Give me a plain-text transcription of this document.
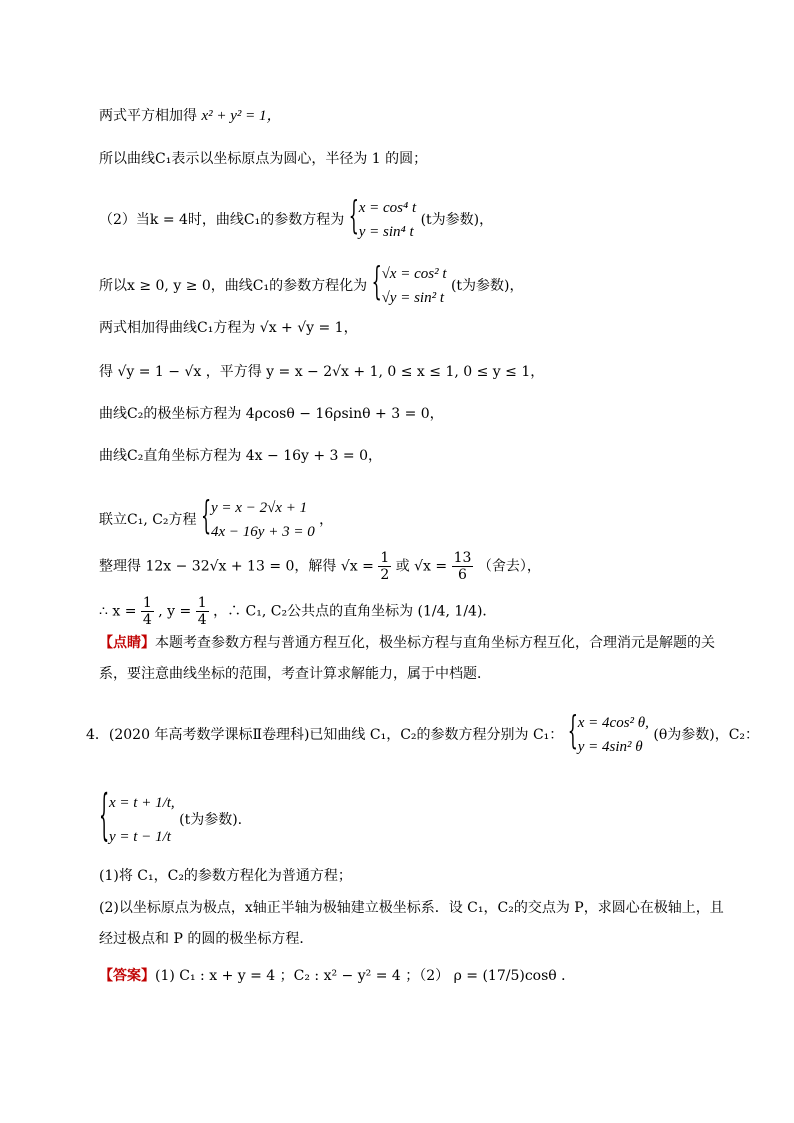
两式平方相加得 x² + y² = 1，
所以曲线C₁表示以坐标原点为圆心，半径为 1 的圆；
（2）当k = 4时，曲线C₁的参数方程为 { x = cos⁴ t
y = sin⁴ t
(t为参数)，
所以x ≥ 0, y ≥ 0，曲线C₁的参数方程化为 { √x = cos² t
√y = sin² t
(t为参数)，
两式相加得曲线C₁方程为 √x + √y = 1，
得 √y = 1 − √x ，平方得 y = x − 2√x + 1, 0 ≤ x ≤ 1, 0 ≤ y ≤ 1，
曲线C₂的极坐标方程为 4ρcosθ − 16ρsinθ + 3 = 0，
曲线C₂直角坐标方程为 4x − 16y + 3 = 0，
联立C₁, C₂方程 { y = x − 2√x + 1
4x − 16y + 3 = 0
，
整理得 12x − 32√x + 13 = 0，解得 $√x = \frac{1}{2}$ 或 $√x = \frac{13}{6}$ （舍去），
∴ $x = \frac{1}{4}$ , $y = \frac{1}{4}$ ，∴ C₁, C₂公共点的直角坐标为 (1/4, 1/4)．
【点睛】本题考查参数方程与普通方程互化，极坐标方程与直角坐标方程互化，合理消元是解题的关
系，要注意曲线坐标的范围，考查计算求解能力，属于中档题．
4．(2020 年高考数学课标Ⅱ卷理科)已知曲线 C₁，C₂的参数方程分别为 C₁： { x = 4cos² θ,
y = 4sin² θ
(θ为参数)，C₂：
{ x = t + 1/t,
y = t − 1/t
(t为参数).
(1)将 C₁，C₂的参数方程化为普通方程；
(2)以坐标原点为极点，x轴正半轴为极轴建立极坐标系．设 C₁，C₂的交点为 P，求圆心在极轴上，且
经过极点和 P 的圆的极坐标方程．
【答案】(1) C₁ : x + y = 4 ；C₂ : x² − y² = 4 ；（2） ρ = (17/5)cosθ ．
